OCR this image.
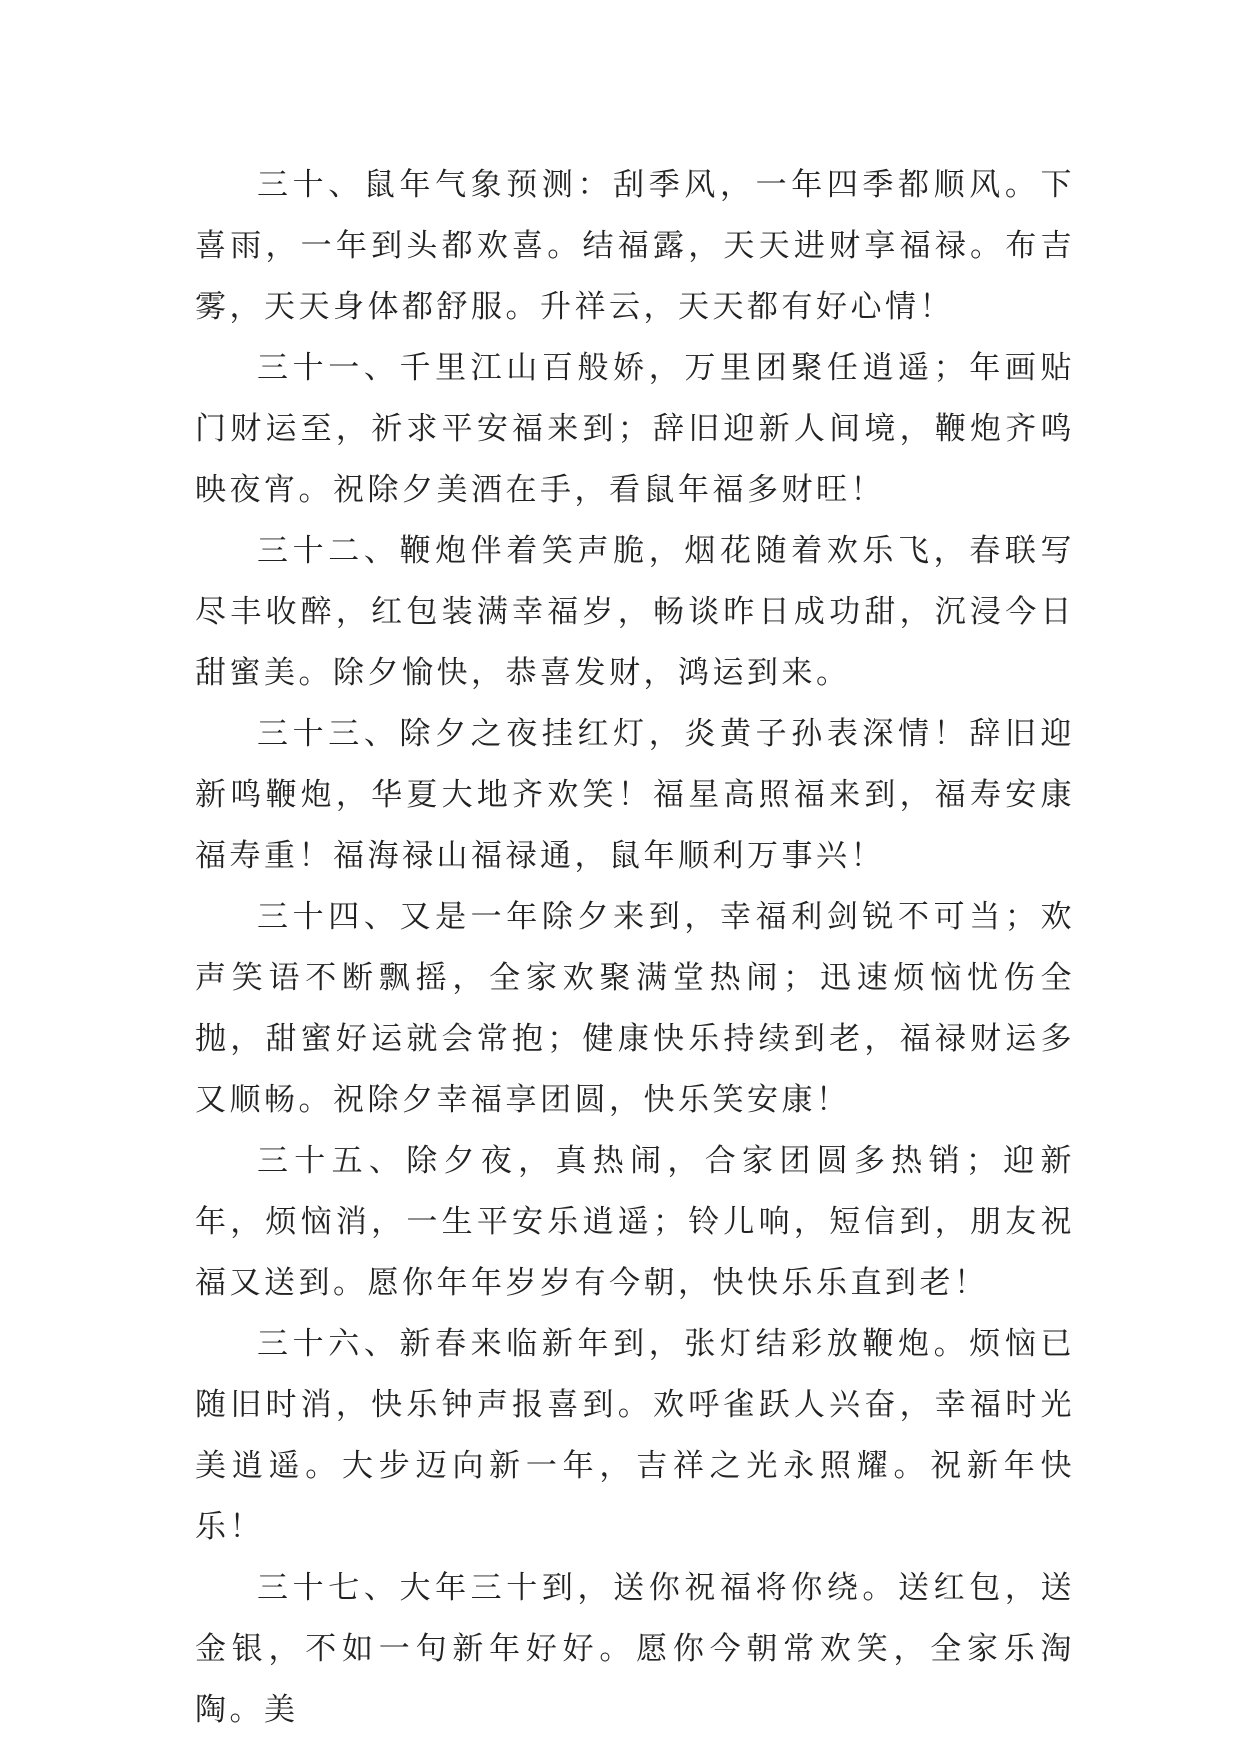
三十、鼠年气象预测：刮季风，一年四季都顺风。下喜雨，一年到头都欢喜。结福露，天天进财享福禄。布吉雾，天天身体都舒服。升祥云，天天都有好心情！

三十一、千里江山百般娇，万里团聚任逍遥；年画贴门财运至，祈求平安福来到；辞旧迎新人间境，鞭炮齐鸣映夜宵。祝除夕美酒在手，看鼠年福多财旺！

三十二、鞭炮伴着笑声脆，烟花随着欢乐飞，春联写尽丰收醉，红包装满幸福岁，畅谈昨日成功甜，沉浸今日甜蜜美。除夕愉快，恭喜发财，鸿运到来。

三十三、除夕之夜挂红灯，炎黄子孙表深情！辞旧迎新鸣鞭炮，华夏大地齐欢笑！福星高照福来到，福寿安康福寿重！福海禄山福禄通，鼠年顺利万事兴！

三十四、又是一年除夕来到，幸福利剑锐不可当；欢声笑语不断飘摇，全家欢聚满堂热闹；迅速烦恼忧伤全抛，甜蜜好运就会常抱；健康快乐持续到老，福禄财运多又顺畅。祝除夕幸福享团圆，快乐笑安康！

三十五、除夕夜，真热闹，合家团圆多热销；迎新年，烦恼消，一生平安乐逍遥；铃儿响，短信到，朋友祝福又送到。愿你年年岁岁有今朝，快快乐乐直到老！

三十六、新春来临新年到，张灯结彩放鞭炮。烦恼已随旧时消，快乐钟声报喜到。欢呼雀跃人兴奋，幸福时光美逍遥。大步迈向新一年，吉祥之光永照耀。祝新年快乐！

三十七、大年三十到，送你祝福将你绕。送红包，送金银，不如一句新年好好。愿你今朝常欢笑，全家乐淘陶。美
